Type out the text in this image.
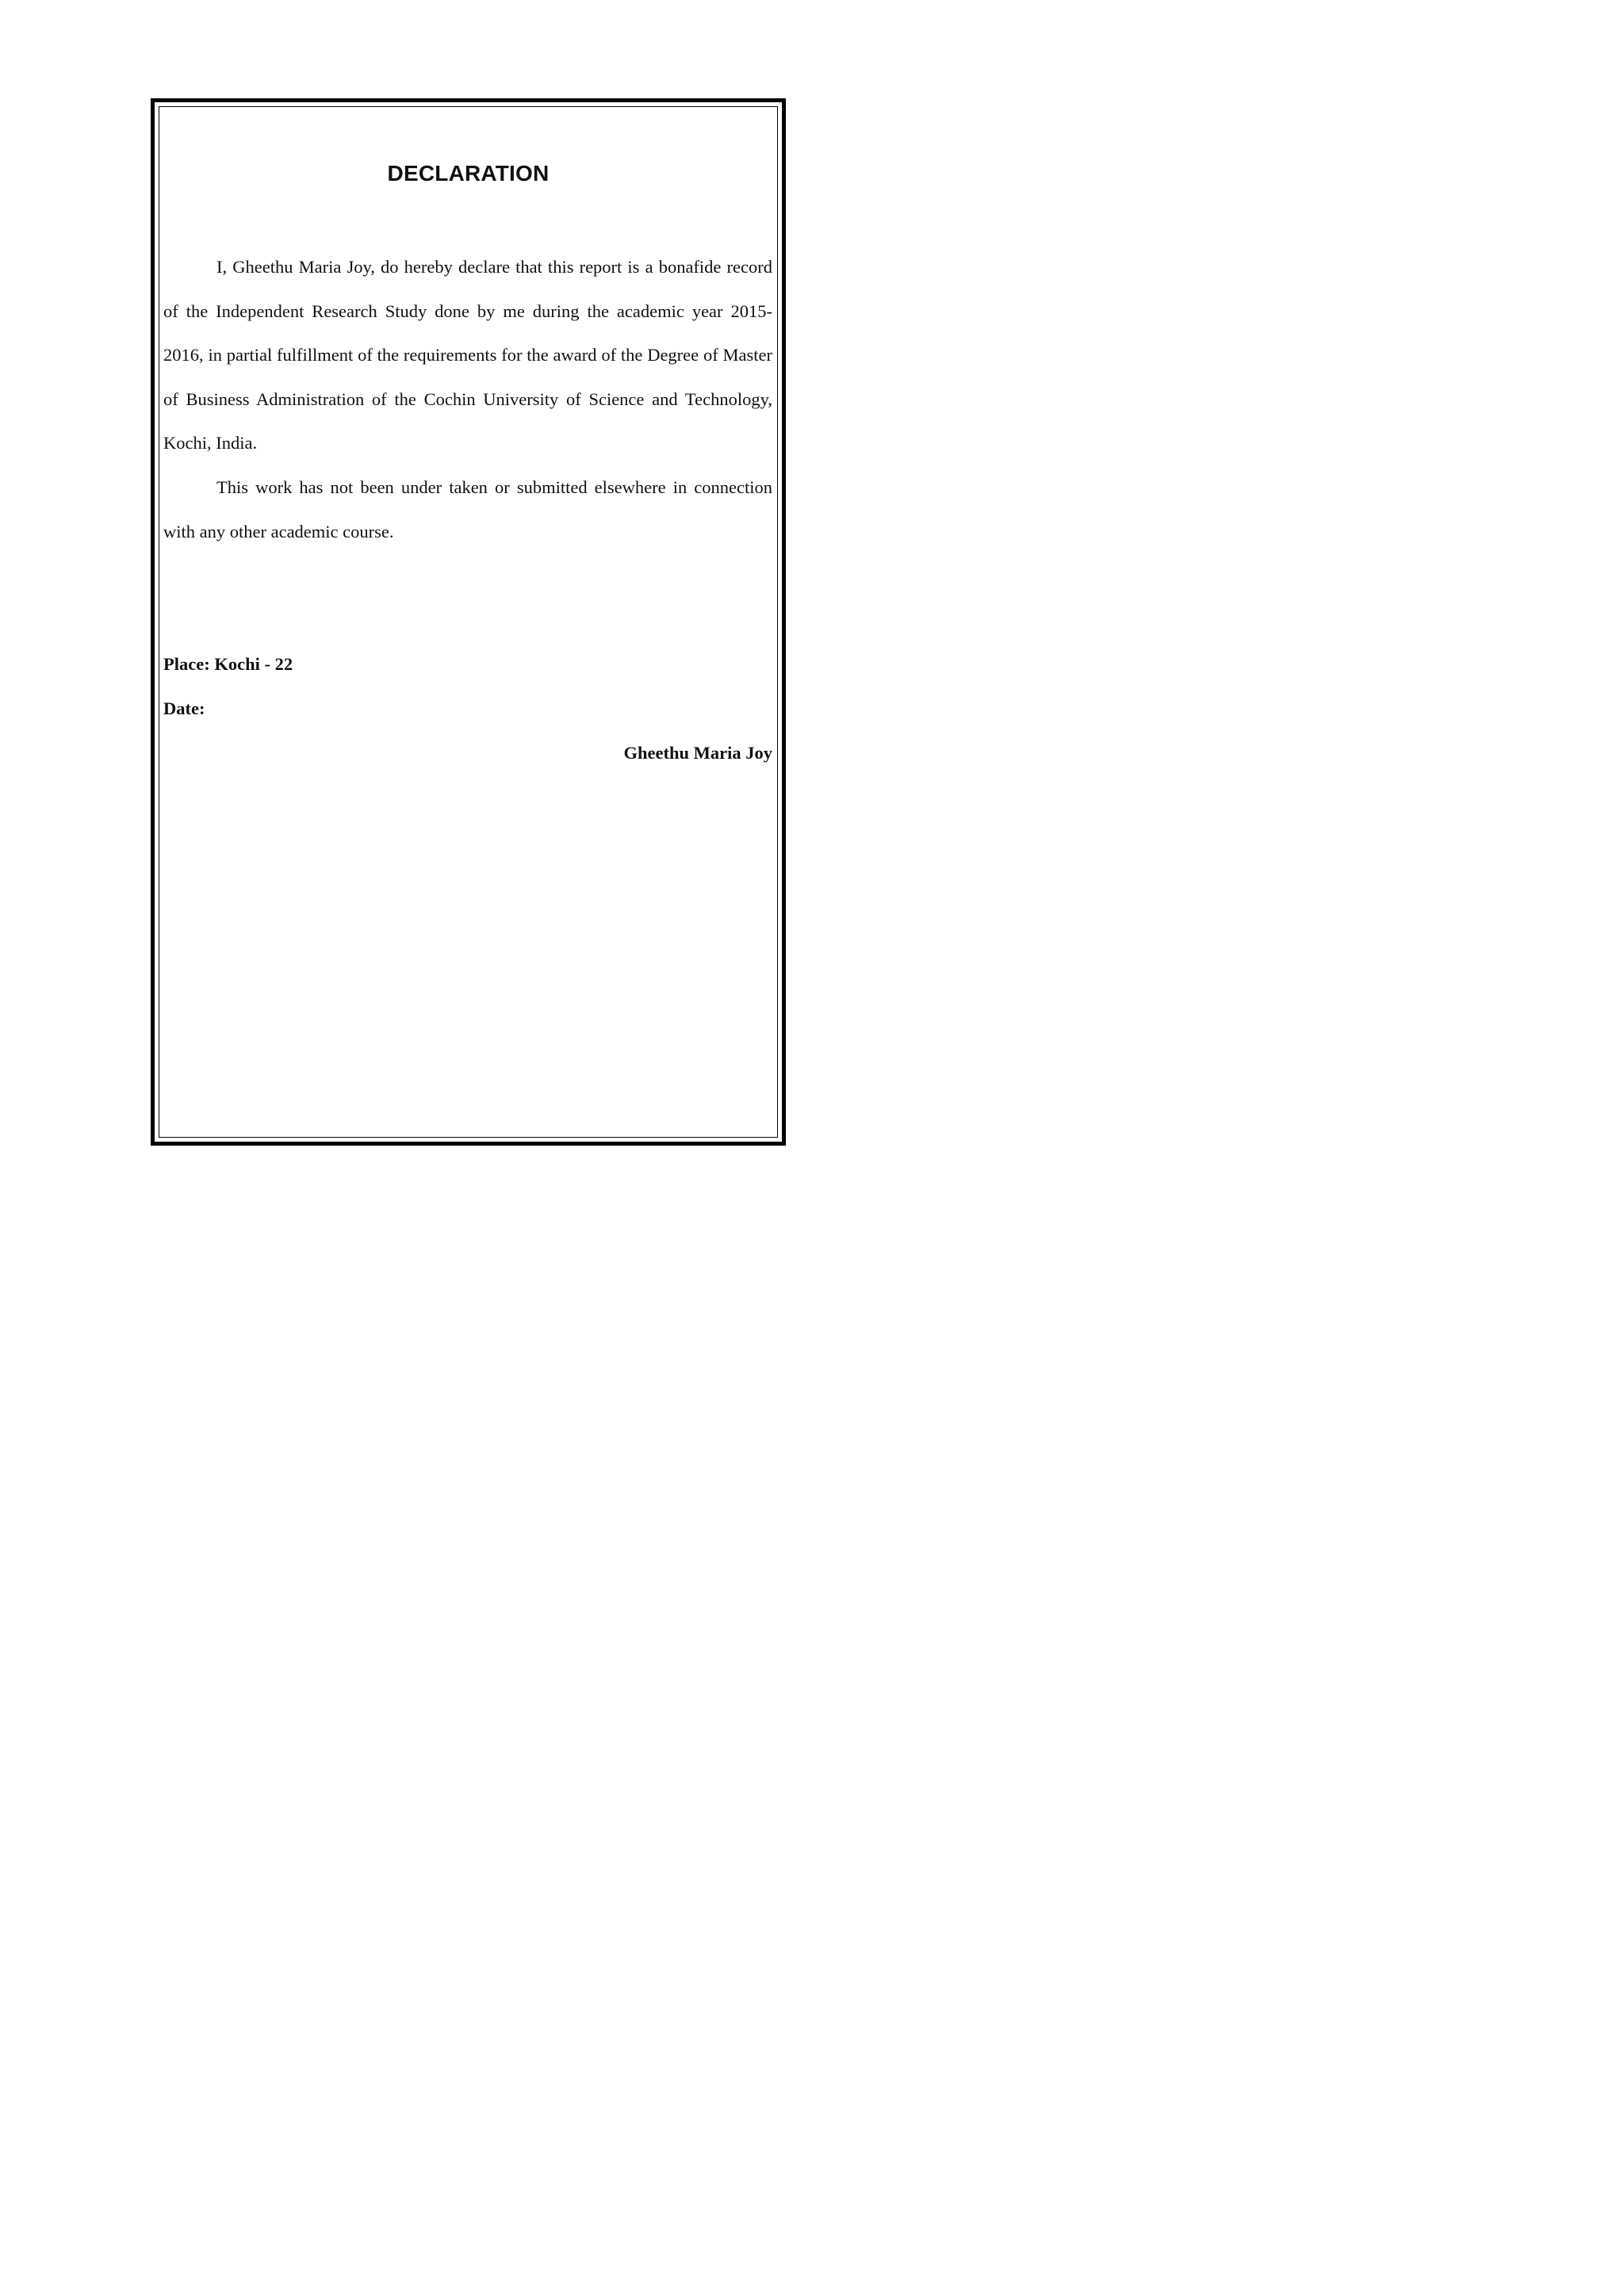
DECLARATION

I, Gheethu Maria Joy, do hereby declare that this report is a bonafide record of the Independent Research Study done by me during the academic year 2015- 2016, in partial fulfillment of the requirements for the award of the Degree of Master of Business Administration of the Cochin University of Science and Technology, Kochi, India.

This work has not been under taken or submitted elsewhere in connection with any other academic course.

Place: Kochi - 22

Date:

Gheethu Maria Joy
